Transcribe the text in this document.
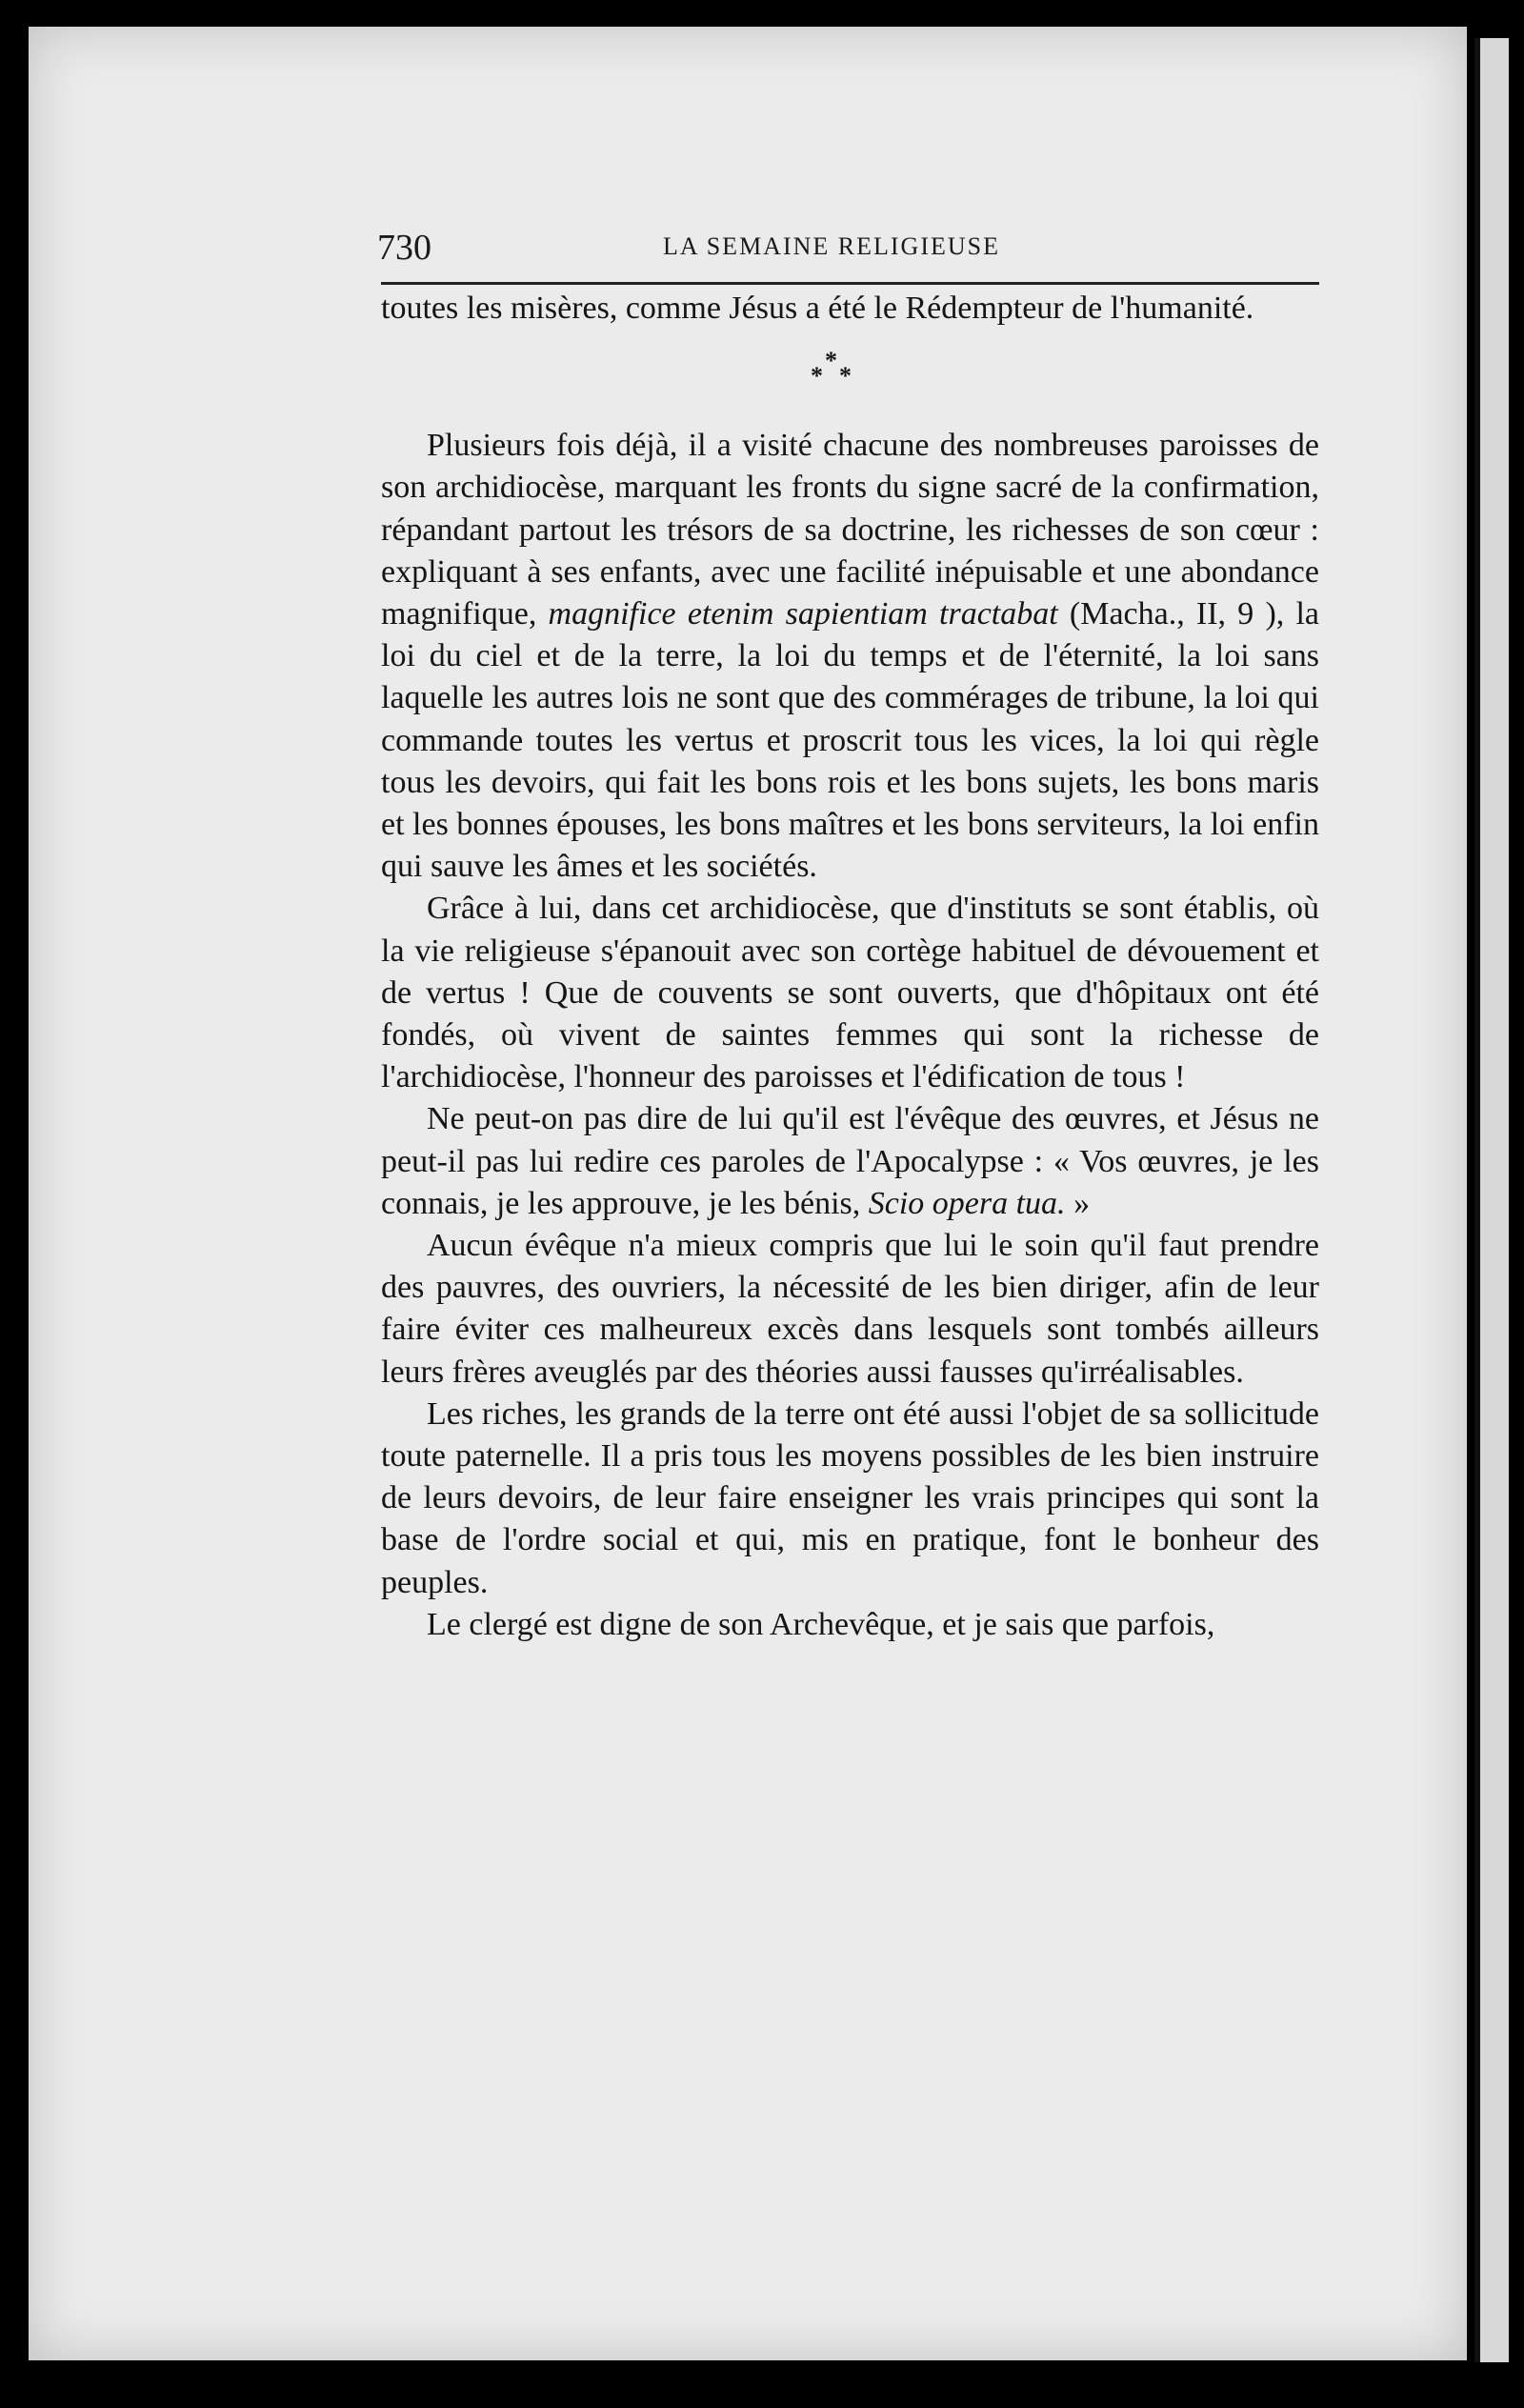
730	LA SEMAINE RELIGIEUSE

toutes les misères, comme Jésus a été le Rédempteur de l'humanité.

*
* *

Plusieurs fois déjà, il a visité chacune des nombreuses paroisses de son archidiocèse, marquant les fronts du signe sacré de la confirmation, répandant partout les trésors de sa doctrine, les richesses de son cœur : expliquant à ses enfants, avec une facilité inépuisable et une abondance magnifique, magnifice etenim sapientiam tractabat (Macha., II, 9 ), la loi du ciel et de la terre, la loi du temps et de l'éternité, la loi sans laquelle les autres lois ne sont que des commérages de tribune, la loi qui commande toutes les vertus et proscrit tous les vices, la loi qui règle tous les devoirs, qui fait les bons rois et les bons sujets, les bons maris et les bonnes épouses, les bons maîtres et les bons serviteurs, la loi enfin qui sauve les âmes et les sociétés.

Grâce à lui, dans cet archidiocèse, que d'instituts se sont établis, où la vie religieuse s'épanouit avec son cortège habituel de dévouement et de vertus ! Que de couvents se sont ouverts, que d'hôpitaux ont été fondés, où vivent de saintes femmes qui sont la richesse de l'archidiocèse, l'honneur des paroisses et l'édification de tous !

Ne peut-on pas dire de lui qu'il est l'évêque des œuvres, et Jésus ne peut-il pas lui redire ces paroles de l'Apocalypse : « Vos œuvres, je les connais, je les approuve, je les bénis, Scio opera tua. »

Aucun évêque n'a mieux compris que lui le soin qu'il faut prendre des pauvres, des ouvriers, la nécessité de les bien diriger, afin de leur faire éviter ces malheureux excès dans lesquels sont tombés ailleurs leurs frères aveuglés par des théories aussi fausses qu'irréalisables.

Les riches, les grands de la terre ont été aussi l'objet de sa sollicitude toute paternelle. Il a pris tous les moyens possibles de les bien instruire de leurs devoirs, de leur faire enseigner les vrais principes qui sont la base de l'ordre social et qui, mis en pratique, font le bonheur des peuples.

Le clergé est digne de son Archevêque, et je sais que parfois,
